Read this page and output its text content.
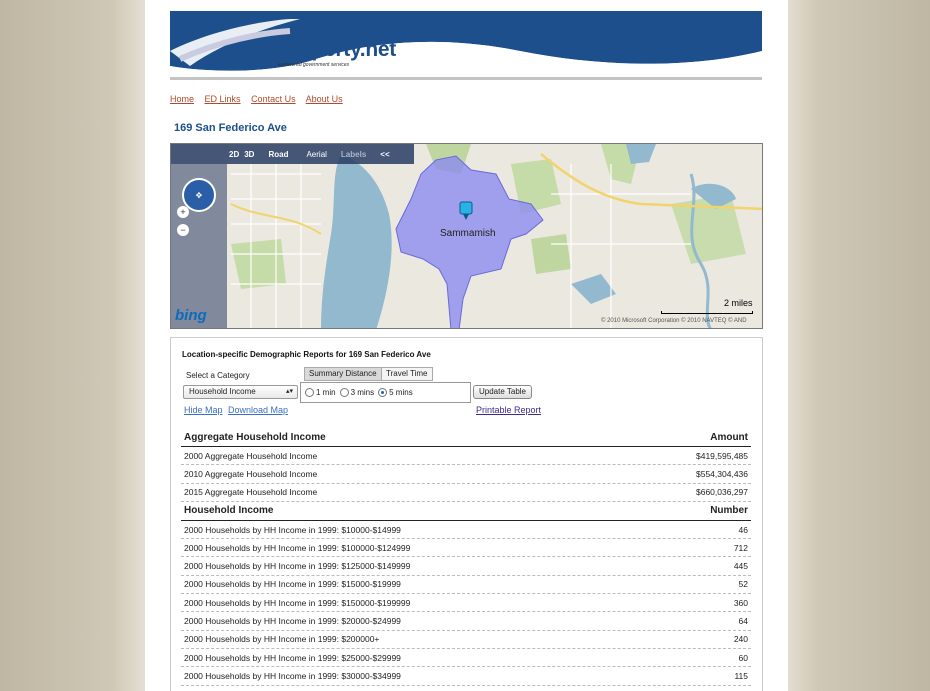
NWProperty.net
e-powered government services
Home ED Links Contact Us About Us
169 San Federico Ave
✥
+
−
2D 3D Road Aerial Labels <<
Sammamish
2 miles
© 2010 Microsoft Corporation © 2010 NAVTEQ © AND
bing
Location-specific Demographic Reports for 169 San Federico Ave
Select a Category
Household Income	▴▾
Summary Distance	Travel Time
1 min	3 mins	5 mins	Update Table
Hide Map Download Map	Printable Report
Aggregate Household Income	Amount
2000 Aggregate Household Income	$419,595,485
2010 Aggregate Household Income	$554,304,436
2015 Aggregate Household Income	$660,036,297
Household Income	Number
2000 Households by HH Income in 1999: $10000-$14999	46
2000 Households by HH Income in 1999: $100000-$124999	712
2000 Households by HH Income in 1999: $125000-$149999	445
2000 Households by HH Income in 1999: $15000-$19999	52
2000 Households by HH Income in 1999: $150000-$199999	360
2000 Households by HH Income in 1999: $20000-$24999	64
2000 Households by HH Income in 1999: $200000+	240
2000 Households by HH Income in 1999: $25000-$29999	60
2000 Households by HH Income in 1999: $30000-$34999	115
